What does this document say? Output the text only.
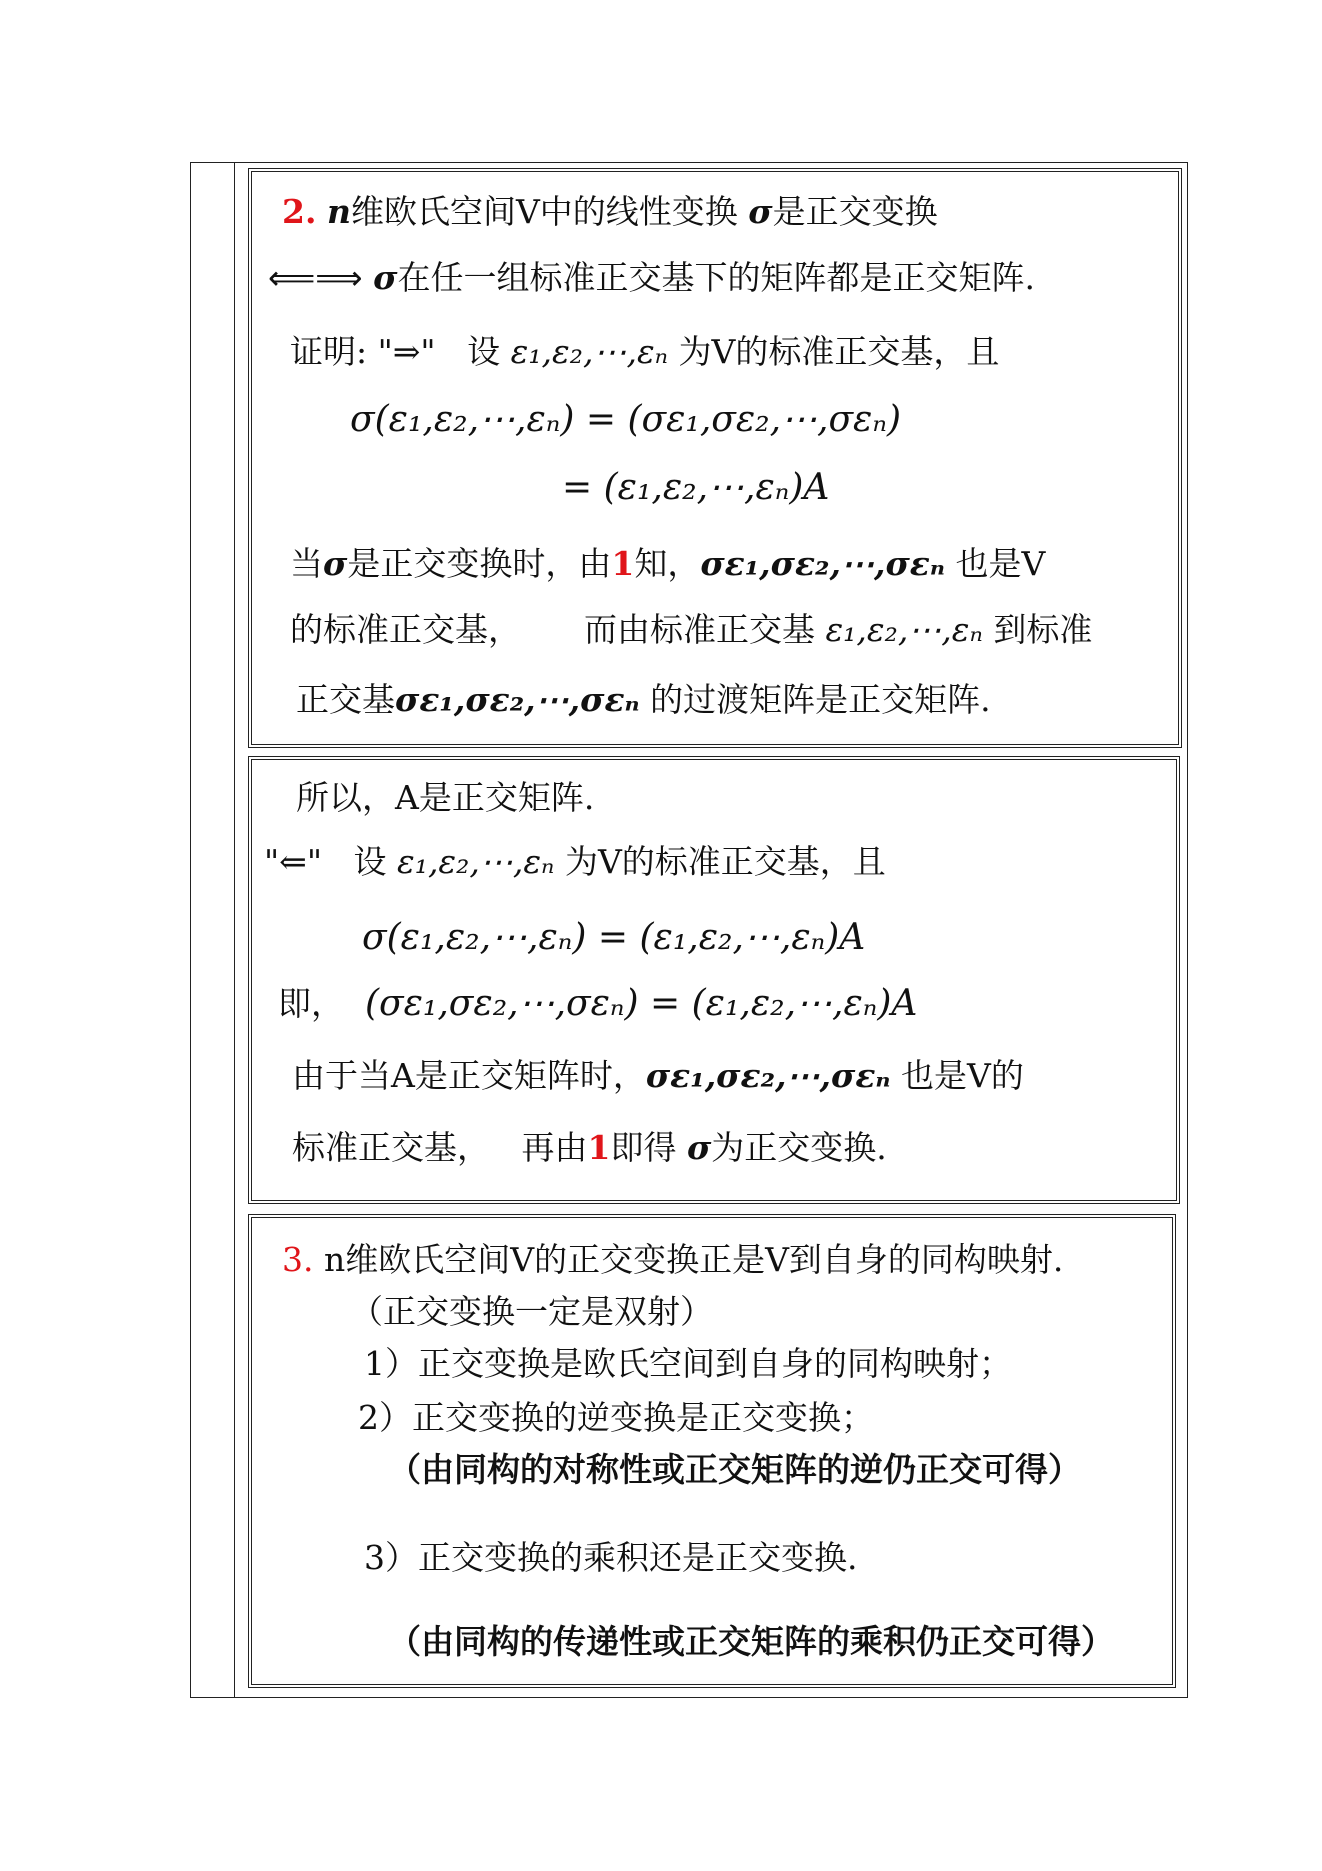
2. n维欧氏空间V中的线性变换 σ是正交变换
⟸⟹ σ在任一组标准正交基下的矩阵都是正交矩阵.
证明: "⇒" 设 ε₁,ε₂,⋯,εₙ 为V的标准正交基，且
σ(ε₁,ε₂,⋯,εₙ) = (σε₁,σε₂,⋯,σεₙ)
= (ε₁,ε₂,⋯,εₙ)A
当σ是正交变换时，由1知，σε₁,σε₂,⋯,σεₙ 也是V
的标准正交基， 而由标准正交基 ε₁,ε₂,⋯,εₙ 到标准
正交基σε₁,σε₂,⋯,σεₙ 的过渡矩阵是正交矩阵.
所以，A是正交矩阵.
"⇐" 设 ε₁,ε₂,⋯,εₙ 为V的标准正交基，且
σ(ε₁,ε₂,⋯,εₙ) = (ε₁,ε₂,⋯,εₙ)A
即， (σε₁,σε₂,⋯,σεₙ) = (ε₁,ε₂,⋯,εₙ)A
由于当A是正交矩阵时，σε₁,σε₂,⋯,σεₙ 也是V的
标准正交基， 再由1即得 σ为正交变换.
3. n维欧氏空间V的正交变换正是V到自身的同构映射.
（正交变换一定是双射）
1）正交变换是欧氏空间到自身的同构映射；
2）正交变换的逆变换是正交变换；
（由同构的对称性或正交矩阵的逆仍正交可得）
3）正交变换的乘积还是正交变换.
（由同构的传递性或正交矩阵的乘积仍正交可得）
